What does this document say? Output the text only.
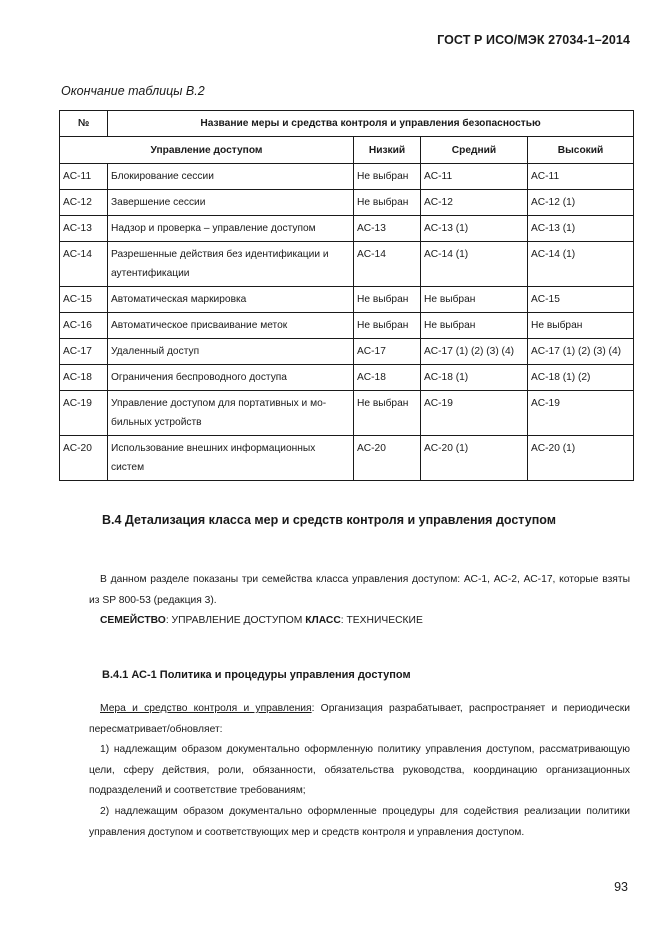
ГОСТ Р ИСО/МЭК 27034-1–2014
Окончание таблицы В.2
№	Название меры и средства контроля и управления безопасностью			
Управление доступом		Низкий	Средний	Высокий
AC-11	Блокирование сессии	Не выбран	AC-11	AC-11
AC-12	Завершение сессии	Не выбран	AC-12	AC-12 (1)
AC-13	Надзор и проверка – управление доступом	AC-13	AC-13 (1)	AC-13 (1)
AC-14	Разрешенные действия без идентификации и аутентификации	AC-14	AC-14 (1)	AC-14 (1)
AC-15	Автоматическая маркировка	Не выбран	Не выбран	AC-15
AC-16	Автоматическое присваивание меток	Не выбран	Не выбран	Не выбран
AC-17	Удаленный доступ	AC-17	AC-17 (1) (2) (3) (4)	AC-17 (1) (2) (3) (4)
AC-18	Ограничения беспроводного доступа	AC-18	AC-18 (1)	AC-18 (1) (2)
AC-19	Управление доступом для портативных и мо-бильных устройств	Не выбран	AC-19	AC-19
AC-20	Использование внешних информационных систем	AC-20	AC-20 (1)	AC-20 (1)
В.4 Детализация класса мер и средств контроля и управления доступом
В данном разделе показаны три семейства класса управления доступом: АС-1, АС-2, АС-17, которые взяты из SP 800-53 (редакция 3).
СЕМЕЙСТВО: УПРАВЛЕНИЕ ДОСТУПОМ КЛАСС: ТЕХНИЧЕСКИЕ
В.4.1 АС-1 Политика и процедуры управления доступом
Мера и средство контроля и управления: Организация разрабатывает, распространяет и периодически пересматривает/обновляет:
1) надлежащим образом документально оформленную политику управления доступом, рассматривающую цели, сферу действия, роли, обязанности, обязательства руководства, координацию организационных подразделений и соответствие требованиям;
2) надлежащим образом документально оформленные процедуры для содействия реализации политики управления доступом и соответствующих мер и средств контроля и управления доступом.
93
